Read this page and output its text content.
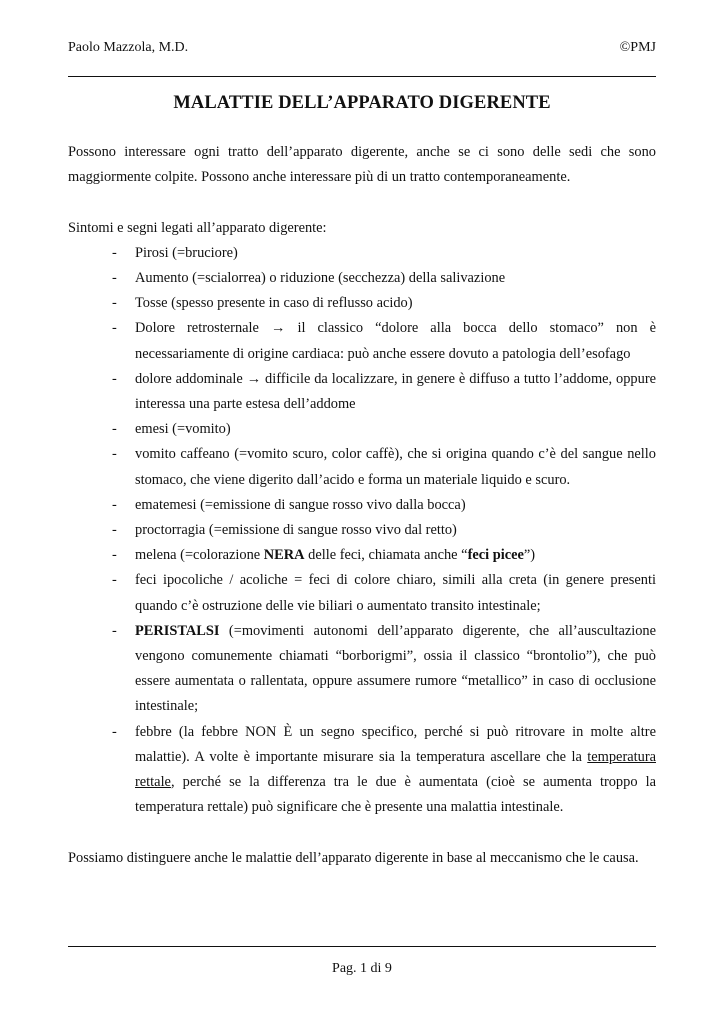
Paolo Mazzola, M.D.	©PMJ
MALATTIE DELL’APPARATO DIGERENTE

Possono interessare ogni tratto dell’apparato digerente, anche se ci sono delle sedi che sono maggiormente colpite. Possono anche interessare più di un tratto contemporaneamente.

Sintomi e segni legati all’apparato digerente:

- Pirosi (=bruciore)
- Aumento (=scialorrea) o riduzione (secchezza) della salivazione
- Tosse (spesso presente in caso di reflusso acido)
- Dolore retrosternale → il classico “dolore alla bocca dello stomaco” non è necessariamente di origine cardiaca: può anche essere dovuto a patologia dell’esofago
- dolore addominale → difficile da localizzare, in genere è diffuso a tutto l’addome, oppure interessa una parte estesa dell’addome
- emesi (=vomito)
- vomito caffeano (=vomito scuro, color caffè), che si origina quando c’è del sangue nello stomaco, che viene digerito dall’acido e forma un materiale liquido e scuro.
- ematemesi (=emissione di sangue rosso vivo dalla bocca)
- proctorragia (=emissione di sangue rosso vivo dal retto)
- melena (=colorazione NERA delle feci, chiamata anche “feci picee”)
- feci ipocoliche / acoliche = feci di colore chiaro, simili alla creta (in genere presenti quando c’è ostruzione delle vie biliari o aumentato transito intestinale;
- PERISTALSI (=movimenti autonomi dell’apparato digerente, che all’auscultazione vengono comunemente chiamati “borborigmi”, ossia il classico “brontolio”), che può essere aumentata o rallentata, oppure assumere rumore “metallico” in caso di occlusione intestinale;
- febbre (la febbre NON È un segno specifico, perché si può ritrovare in molte altre malattie). A volte è importante misurare sia la temperatura ascellare che la temperatura rettale, perché se la differenza tra le due è aumentata (cioè se aumenta troppo la temperatura rettale) può significare che è presente una malattia intestinale.

Possiamo distinguere anche le malattie dell’apparato digerente in base al meccanismo che le causa.

Pag. 1 di 9
